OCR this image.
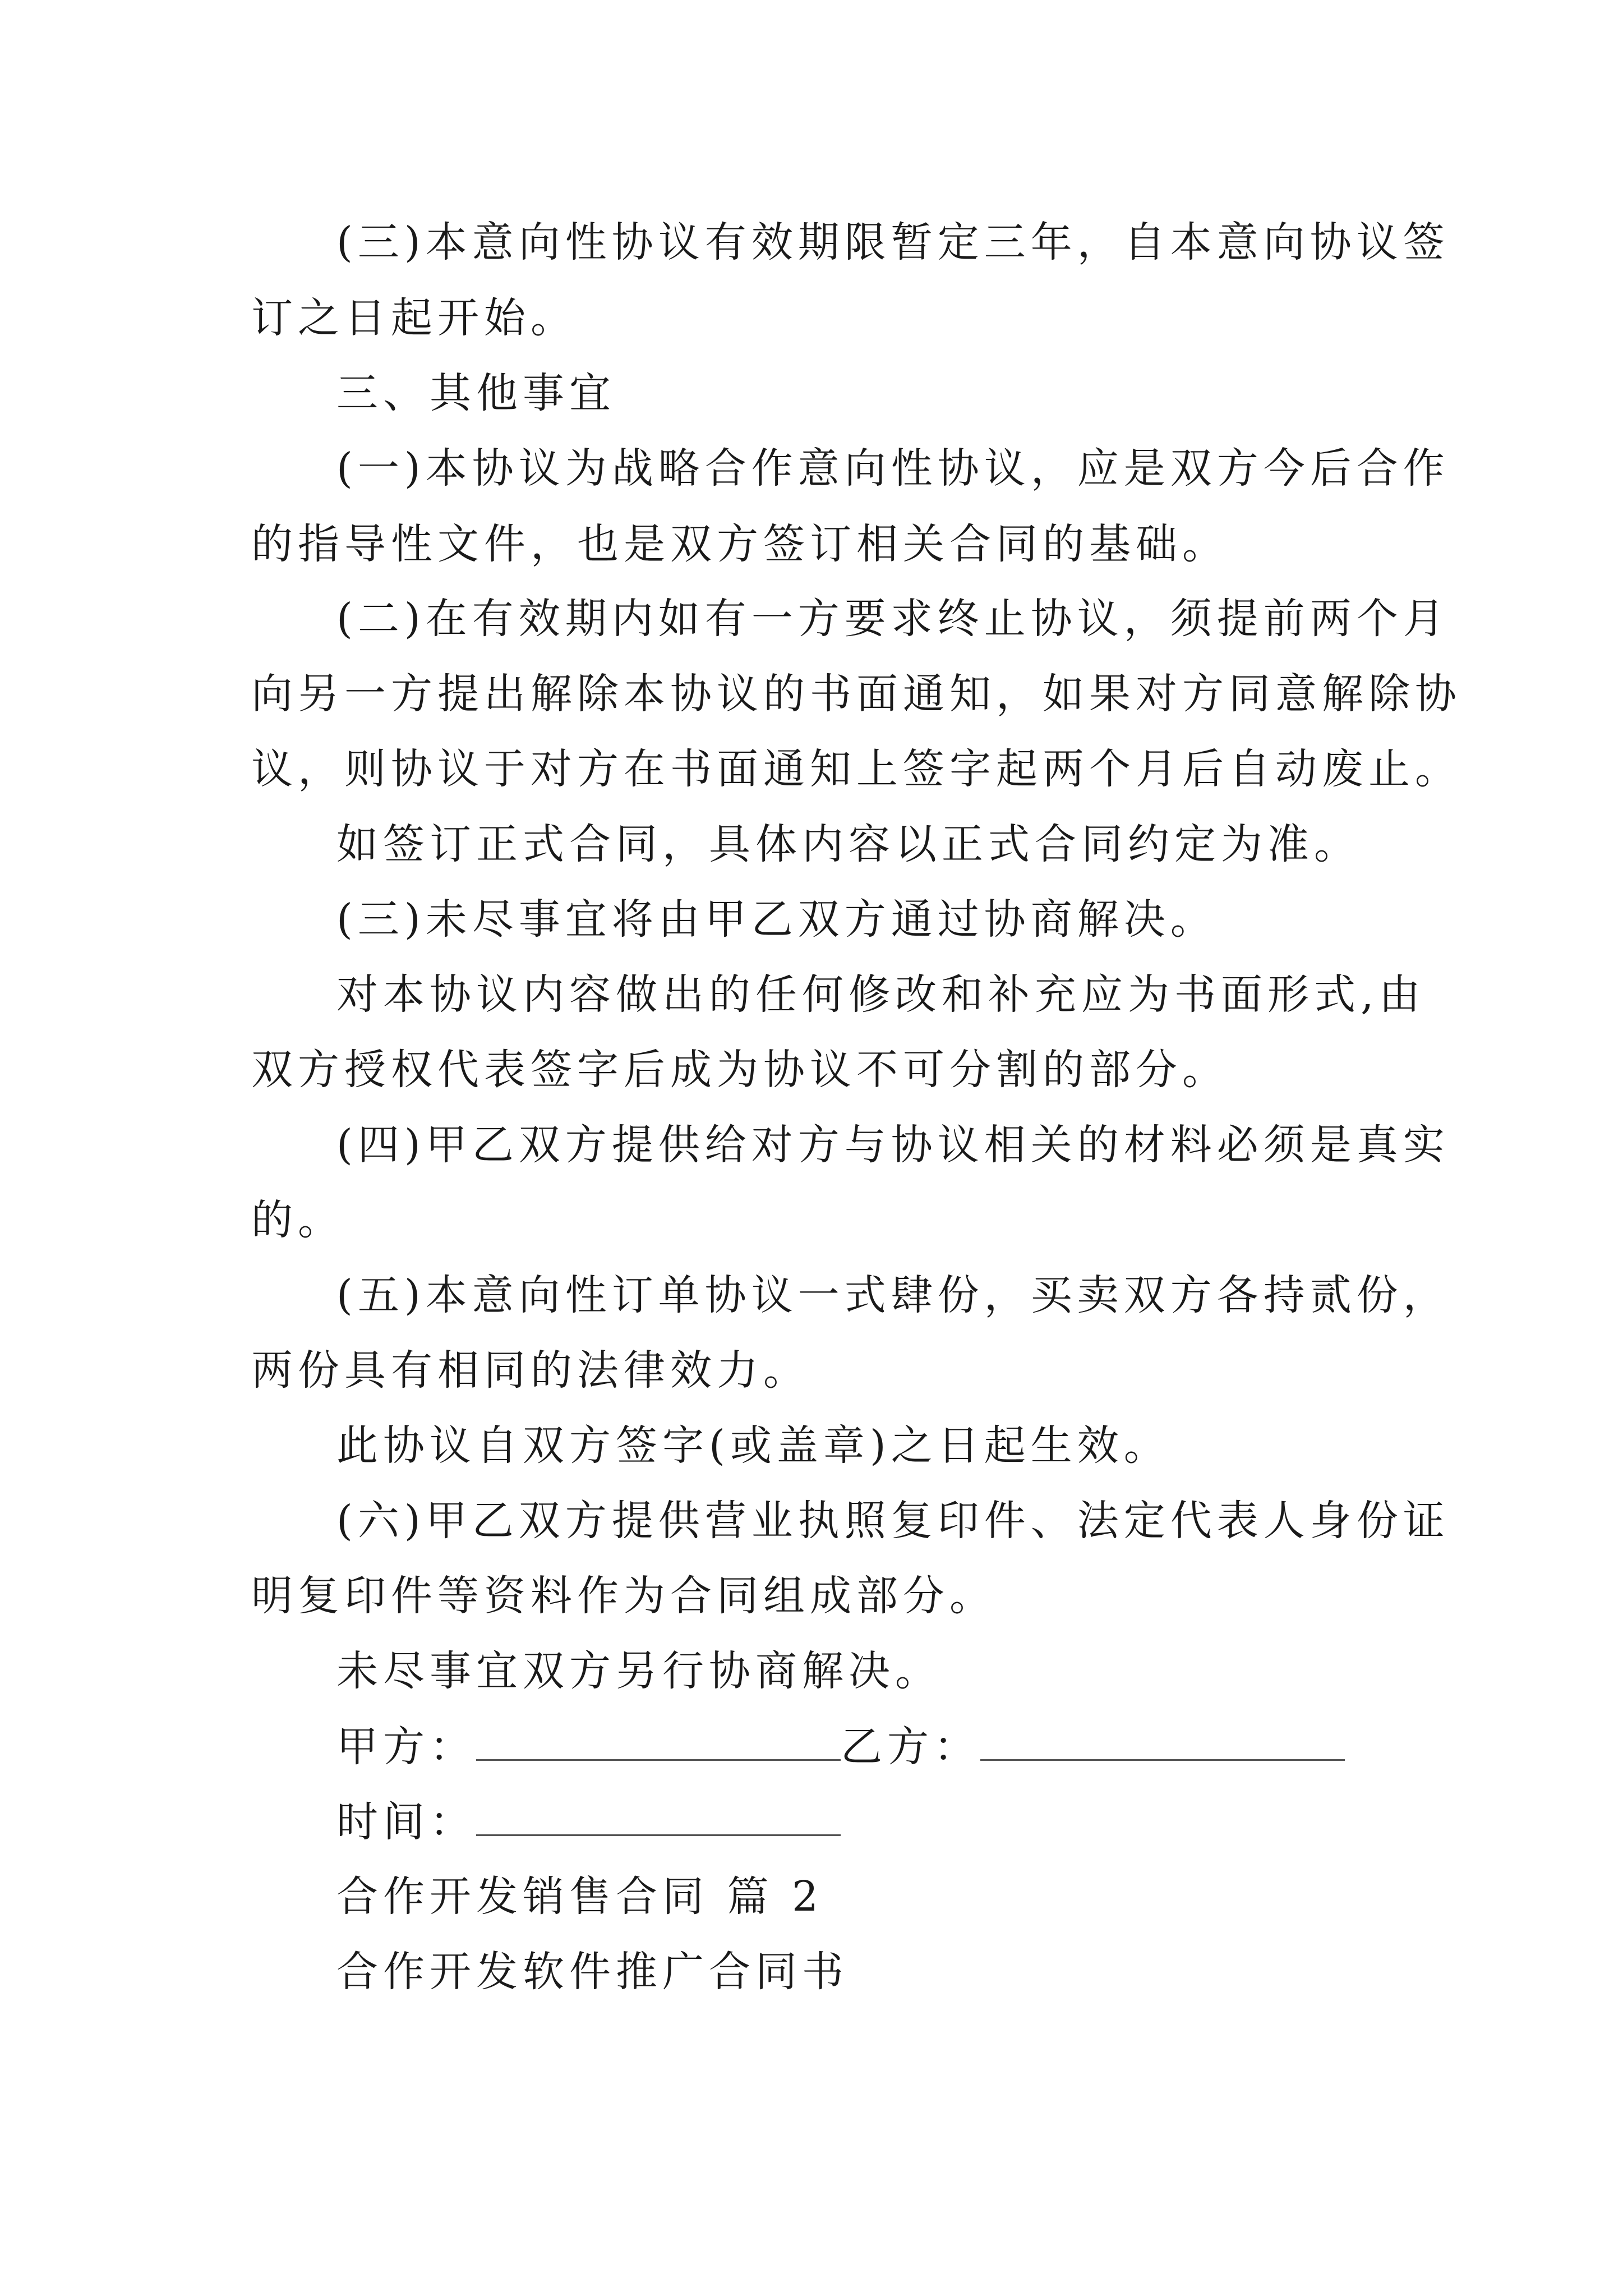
(三)本意向性协议有效期限暂定三年，自本意向协议签
订之日起开始。
三、其他事宜
(一)本协议为战略合作意向性协议，应是双方今后合作
的指导性文件，也是双方签订相关合同的基础。
(二)在有效期内如有一方要求终止协议，须提前两个月
向另一方提出解除本协议的书面通知，如果对方同意解除协
议，则协议于对方在书面通知上签字起两个月后自动废止。
如签订正式合同，具体内容以正式合同约定为准。
(三)未尽事宜将由甲乙双方通过协商解决。
对本协议内容做出的任何修改和补充应为书面形式,由
双方授权代表签字后成为协议不可分割的部分。
(四)甲乙双方提供给对方与协议相关的材料必须是真实
的。
(五)本意向性订单协议一式肆份，买卖双方各持贰份，
两份具有相同的法律效力。
此协议自双方签字(或盖章)之日起生效。
(六)甲乙双方提供营业执照复印件、法定代表人身份证
明复印件等资料作为合同组成部分。
未尽事宜双方另行协商解决。
甲方：	乙方：
时间：
合作开发销售合同 篇 2
合作开发软件推广合同书
